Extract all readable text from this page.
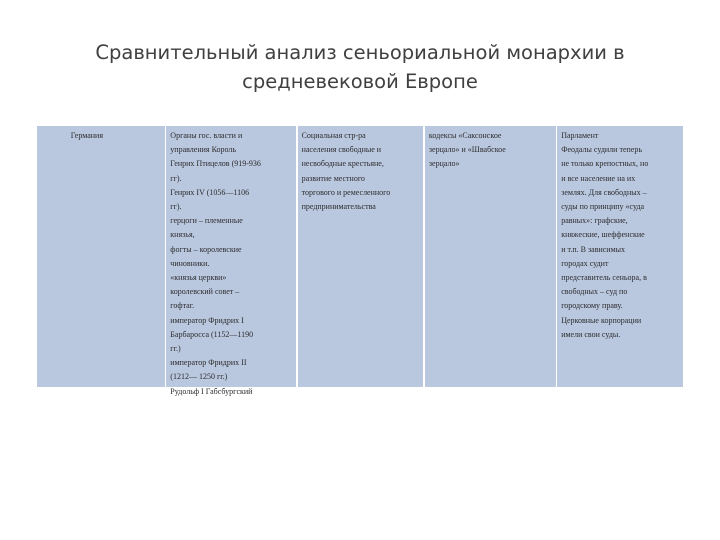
Сравнительный анализ сеньориальной монархии в
средневековой Европе
Германия	Органы гос. власти и
управления Король
Генрих Птицелов (919-936
гг).
Генрих IV (1056—1106
гг).
герцоги – племенные
князья,
фогты – королевские
чиновники.
«князья церкви»
королевский совет –
гофтаг.
император Фридрих I
Барбаросса (1152—1190
гг.)
император Фридрих II
(1212— 1250 гг.)
Рудольф I Габсбургский
Социальная стр-ра
населения свободные и
несвободные крестьяне,
развитие местного
торгового и ремесленного
предпринимательства
кодексы «Саксонское
зерцало» и «Швабское
зерцало»
Парламент
Феодалы судили теперь
не только крепостных, но
и все население на их
землях. Для свободных –
суды по принципу «суда
равных»: графские,
княжеские, шеффенские
и т.п. В зависимых
городах судит
представитель сеньора, в
свободных – суд по
городскому праву.
Церковные корпорации
имели свои суды.
